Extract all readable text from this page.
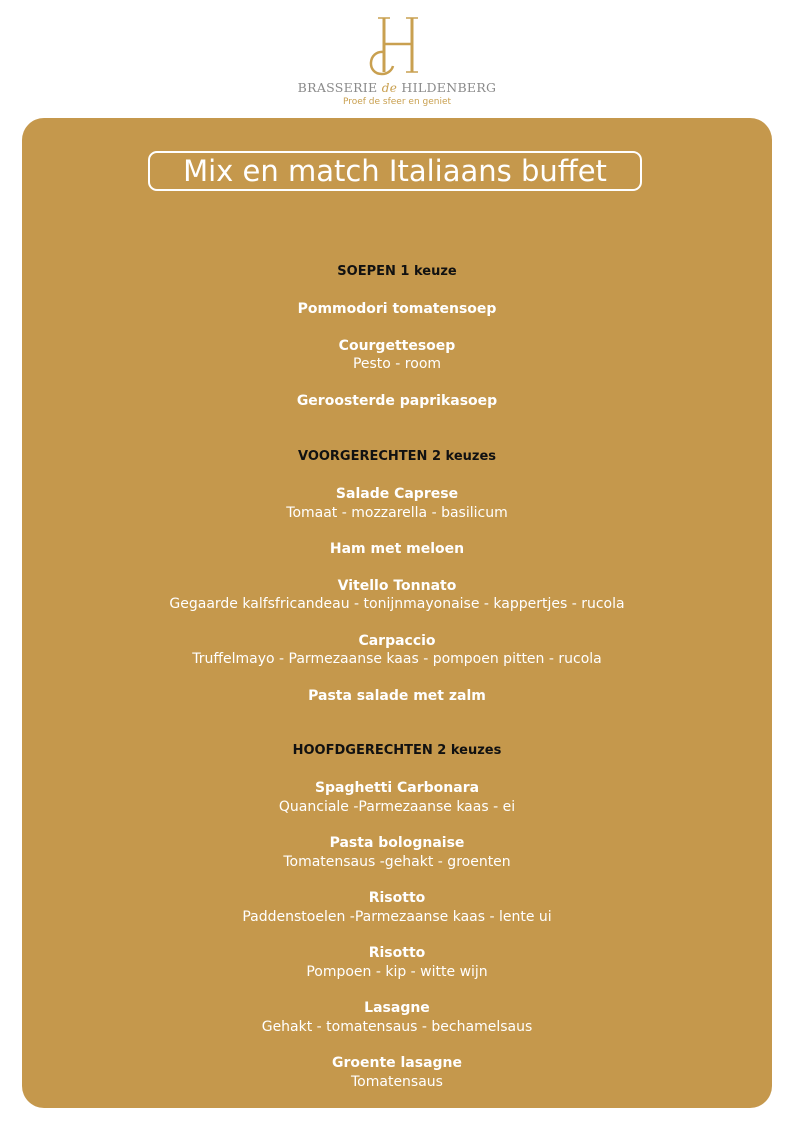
BRASSERIE de HILDENBERG
Proef de sfeer en geniet
Mix en match Italiaans buffet
SOEPEN 1 keuze
Pommodori tomatensoep
Courgettesoep
Pesto - room
Geroosterde paprikasoep
VOORGERECHTEN 2 keuzes
Salade Caprese
Tomaat - mozzarella - basilicum
Ham met meloen
Vitello Tonnato
Gegaarde kalfsfricandeau - tonijnmayonaise - kappertjes - rucola
Carpaccio
Truffelmayo - Parmezaanse kaas - pompoen pitten - rucola
Pasta salade met zalm
HOOFDGERECHTEN 2 keuzes
Spaghetti Carbonara
Quanciale -Parmezaanse kaas - ei
Pasta bolognaise
Tomatensaus -gehakt - groenten
Risotto
Paddenstoelen -Parmezaanse kaas - lente ui
Risotto
Pompoen - kip - witte wijn
Lasagne
Gehakt - tomatensaus - bechamelsaus
Groente lasagne
Tomatensaus
